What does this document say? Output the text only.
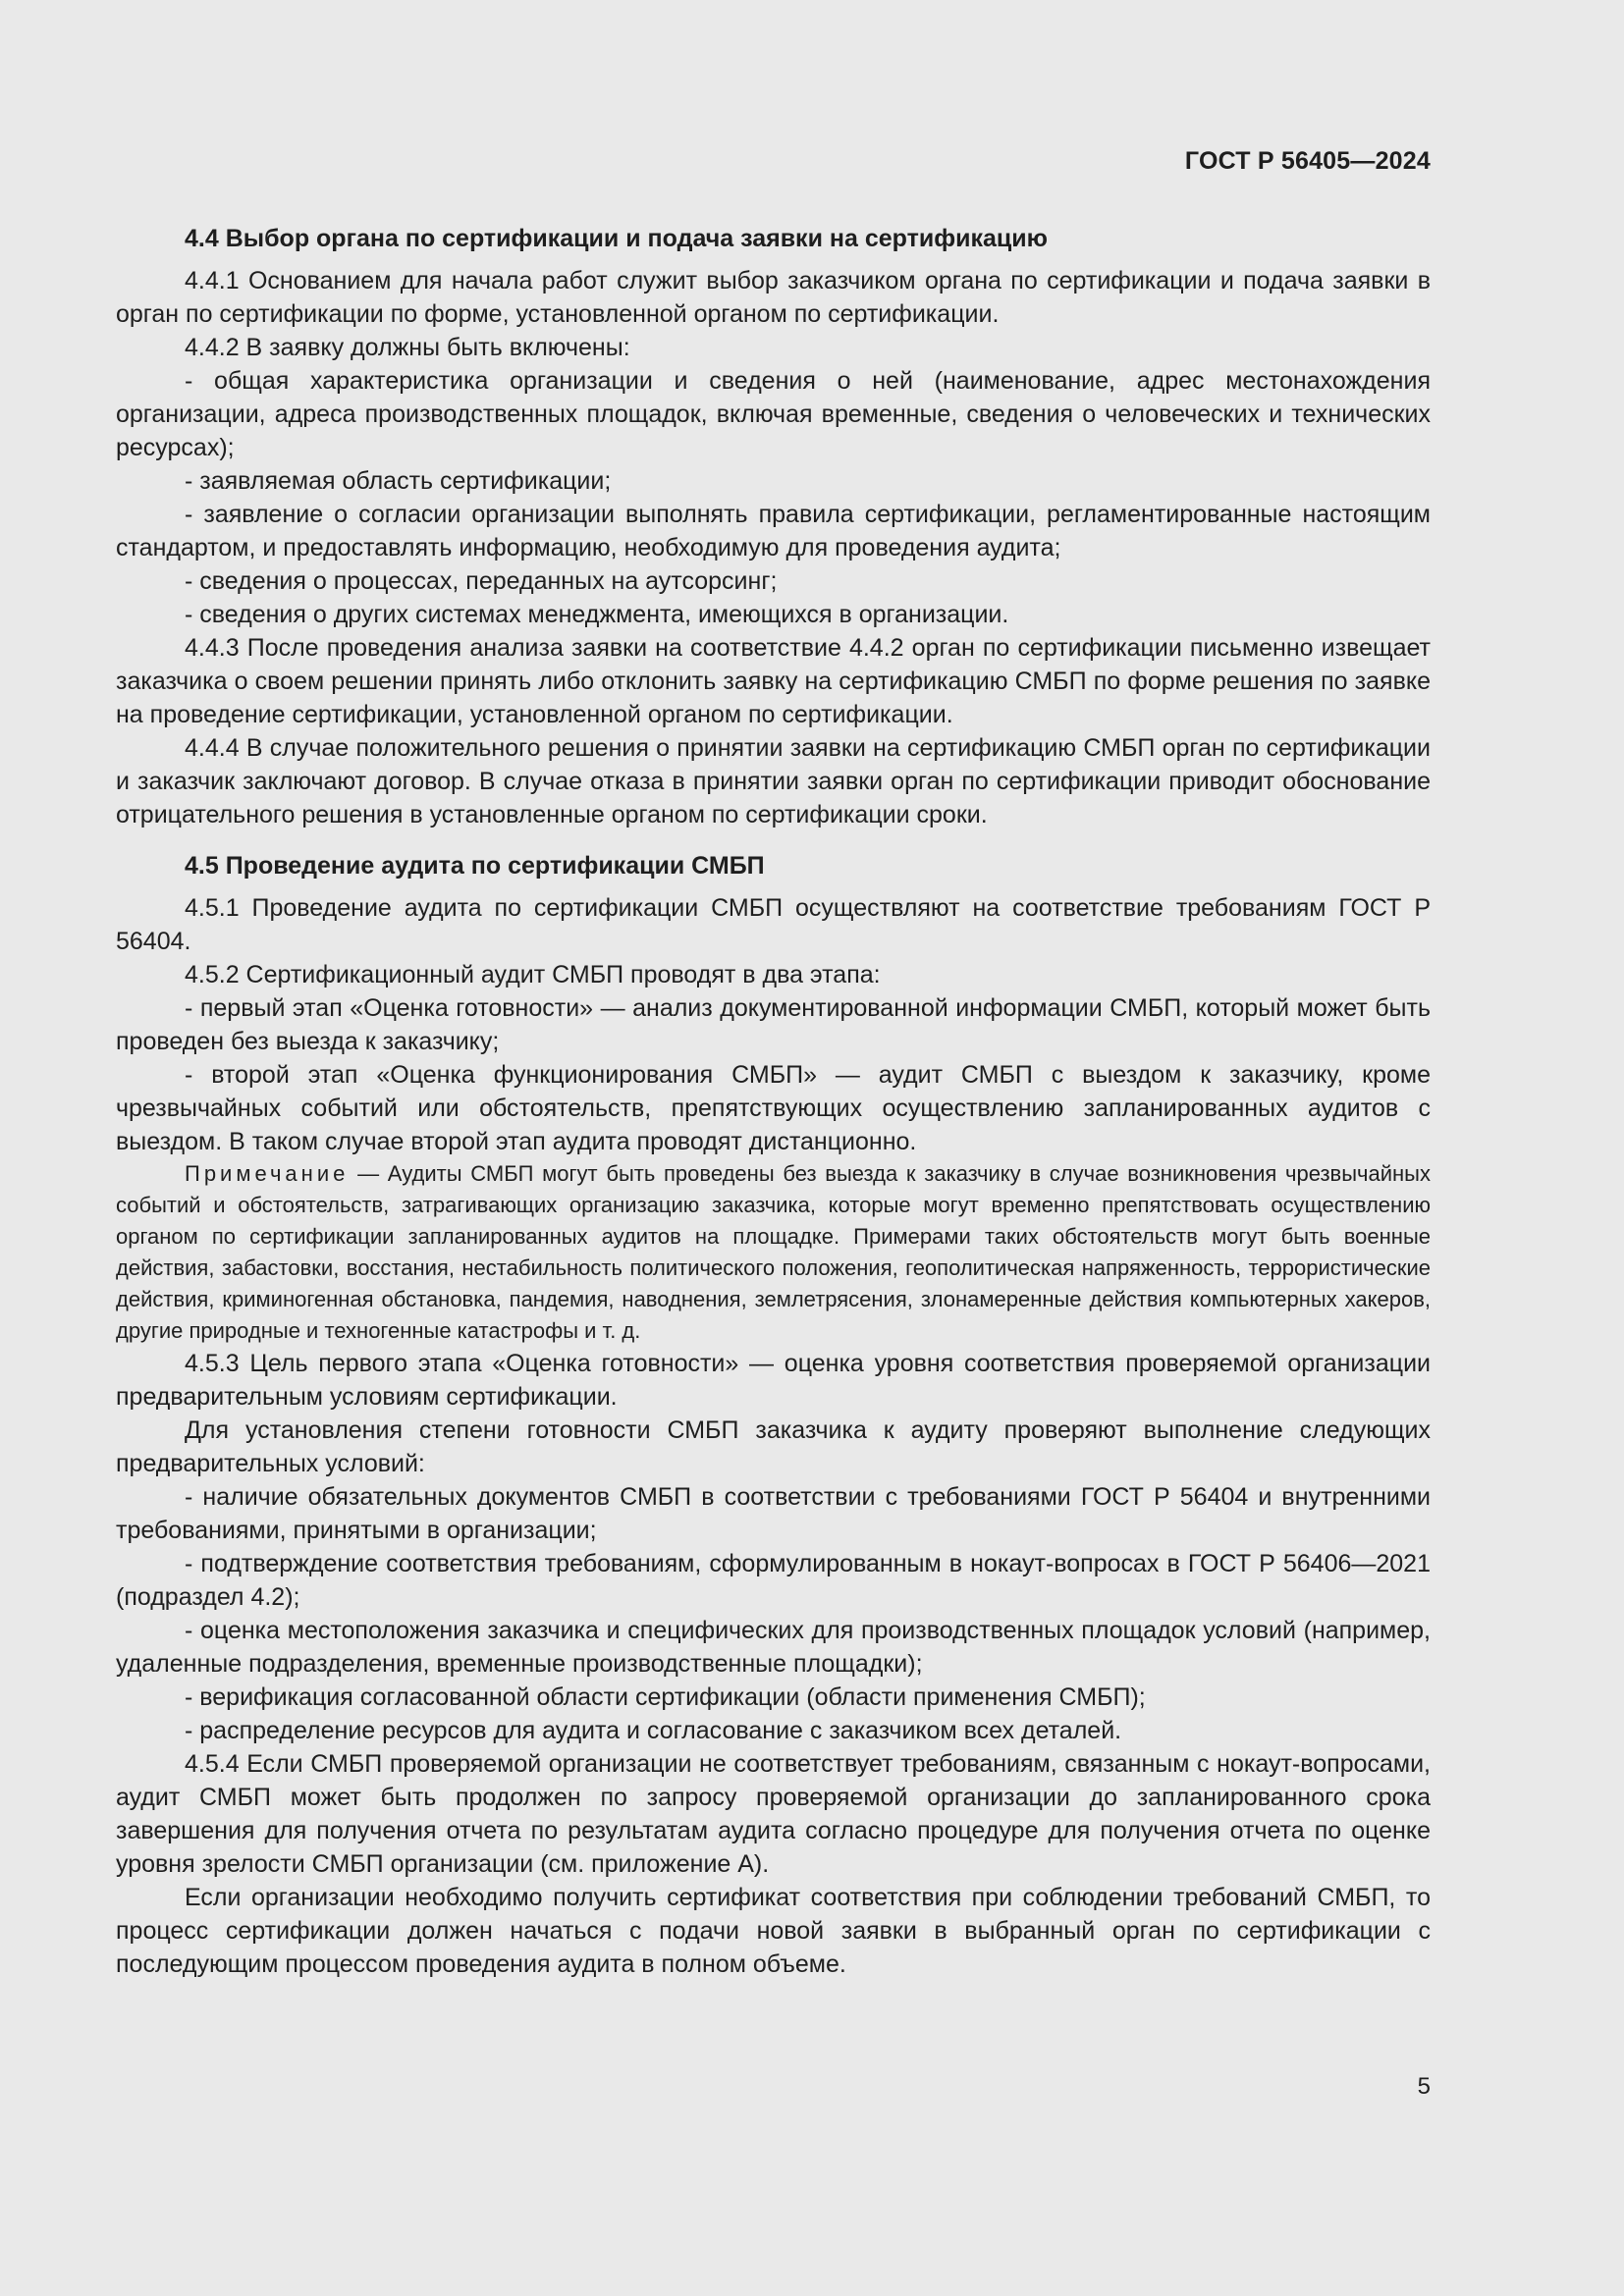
ГОСТ Р 56405—2024
4.4 Выбор органа по сертификации и подача заявки на сертификацию

4.4.1 Основанием для начала работ служит выбор заказчиком органа по сертификации и подача заявки в орган по сертификации по форме, установленной органом по сертификации.

4.4.2 В заявку должны быть включены:

- общая характеристика организации и сведения о ней (наименование, адрес местонахождения организации, адреса производственных площадок, включая временные, сведения о человеческих и технических ресурсах);

- заявляемая область сертификации;

- заявление о согласии организации выполнять правила сертификации, регламентированные настоящим стандартом, и предоставлять информацию, необходимую для проведения аудита;

- сведения о процессах, переданных на аутсорсинг;

- сведения о других системах менеджмента, имеющихся в организации.

4.4.3 После проведения анализа заявки на соответствие 4.4.2 орган по сертификации письменно извещает заказчика о своем решении принять либо отклонить заявку на сертификацию СМБП по форме решения по заявке на проведение сертификации, установленной органом по сертификации.

4.4.4 В случае положительного решения о принятии заявки на сертификацию СМБП орган по сертификации и заказчик заключают договор. В случае отказа в принятии заявки орган по сертификации приводит обоснование отрицательного решения в установленные органом по сертификации сроки.

4.5 Проведение аудита по сертификации СМБП

4.5.1 Проведение аудита по сертификации СМБП осуществляют на соответствие требованиям ГОСТ Р 56404.

4.5.2 Сертификационный аудит СМБП проводят в два этапа:

- первый этап «Оценка готовности» — анализ документированной информации СМБП, который может быть проведен без выезда к заказчику;

- второй этап «Оценка функционирования СМБП» — аудит СМБП с выездом к заказчику, кроме чрезвычайных событий или обстоятельств, препятствующих осуществлению запланированных аудитов с выездом. В таком случае второй этап аудита проводят дистанционно.

Примечание — Аудиты СМБП могут быть проведены без выезда к заказчику в случае возникновения чрезвычайных событий и обстоятельств, затрагивающих организацию заказчика, которые могут временно препятствовать осуществлению органом по сертификации запланированных аудитов на площадке. Примерами таких обстоятельств могут быть военные действия, забастовки, восстания, нестабильность политического положения, геополитическая напряженность, террористические действия, криминогенная обстановка, пандемия, наводнения, землетрясения, злонамеренные действия компьютерных хакеров, другие природные и техногенные катастрофы и т. д.

4.5.3 Цель первого этапа «Оценка готовности» — оценка уровня соответствия проверяемой организации предварительным условиям сертификации.

Для установления степени готовности СМБП заказчика к аудиту проверяют выполнение следующих предварительных условий:

- наличие обязательных документов СМБП в соответствии с требованиями ГОСТ Р 56404 и внутренними требованиями, принятыми в организации;

- подтверждение соответствия требованиям, сформулированным в нокаут-вопросах в ГОСТ Р 56406—2021 (подраздел 4.2);

- оценка местоположения заказчика и специфических для производственных площадок условий (например, удаленные подразделения, временные производственные площадки);

- верификация согласованной области сертификации (области применения СМБП);

- распределение ресурсов для аудита и согласование с заказчиком всех деталей.

4.5.4 Если СМБП проверяемой организации не соответствует требованиям, связанным с нокаут-вопросами, аудит СМБП может быть продолжен по запросу проверяемой организации до запланированного срока завершения для получения отчета по результатам аудита согласно процедуре для получения отчета по оценке уровня зрелости СМБП организации (см. приложение А).

Если организации необходимо получить сертификат соответствия при соблюдении требований СМБП, то процесс сертификации должен начаться с подачи новой заявки в выбранный орган по сертификации с последующим процессом проведения аудита в полном объеме.

5
